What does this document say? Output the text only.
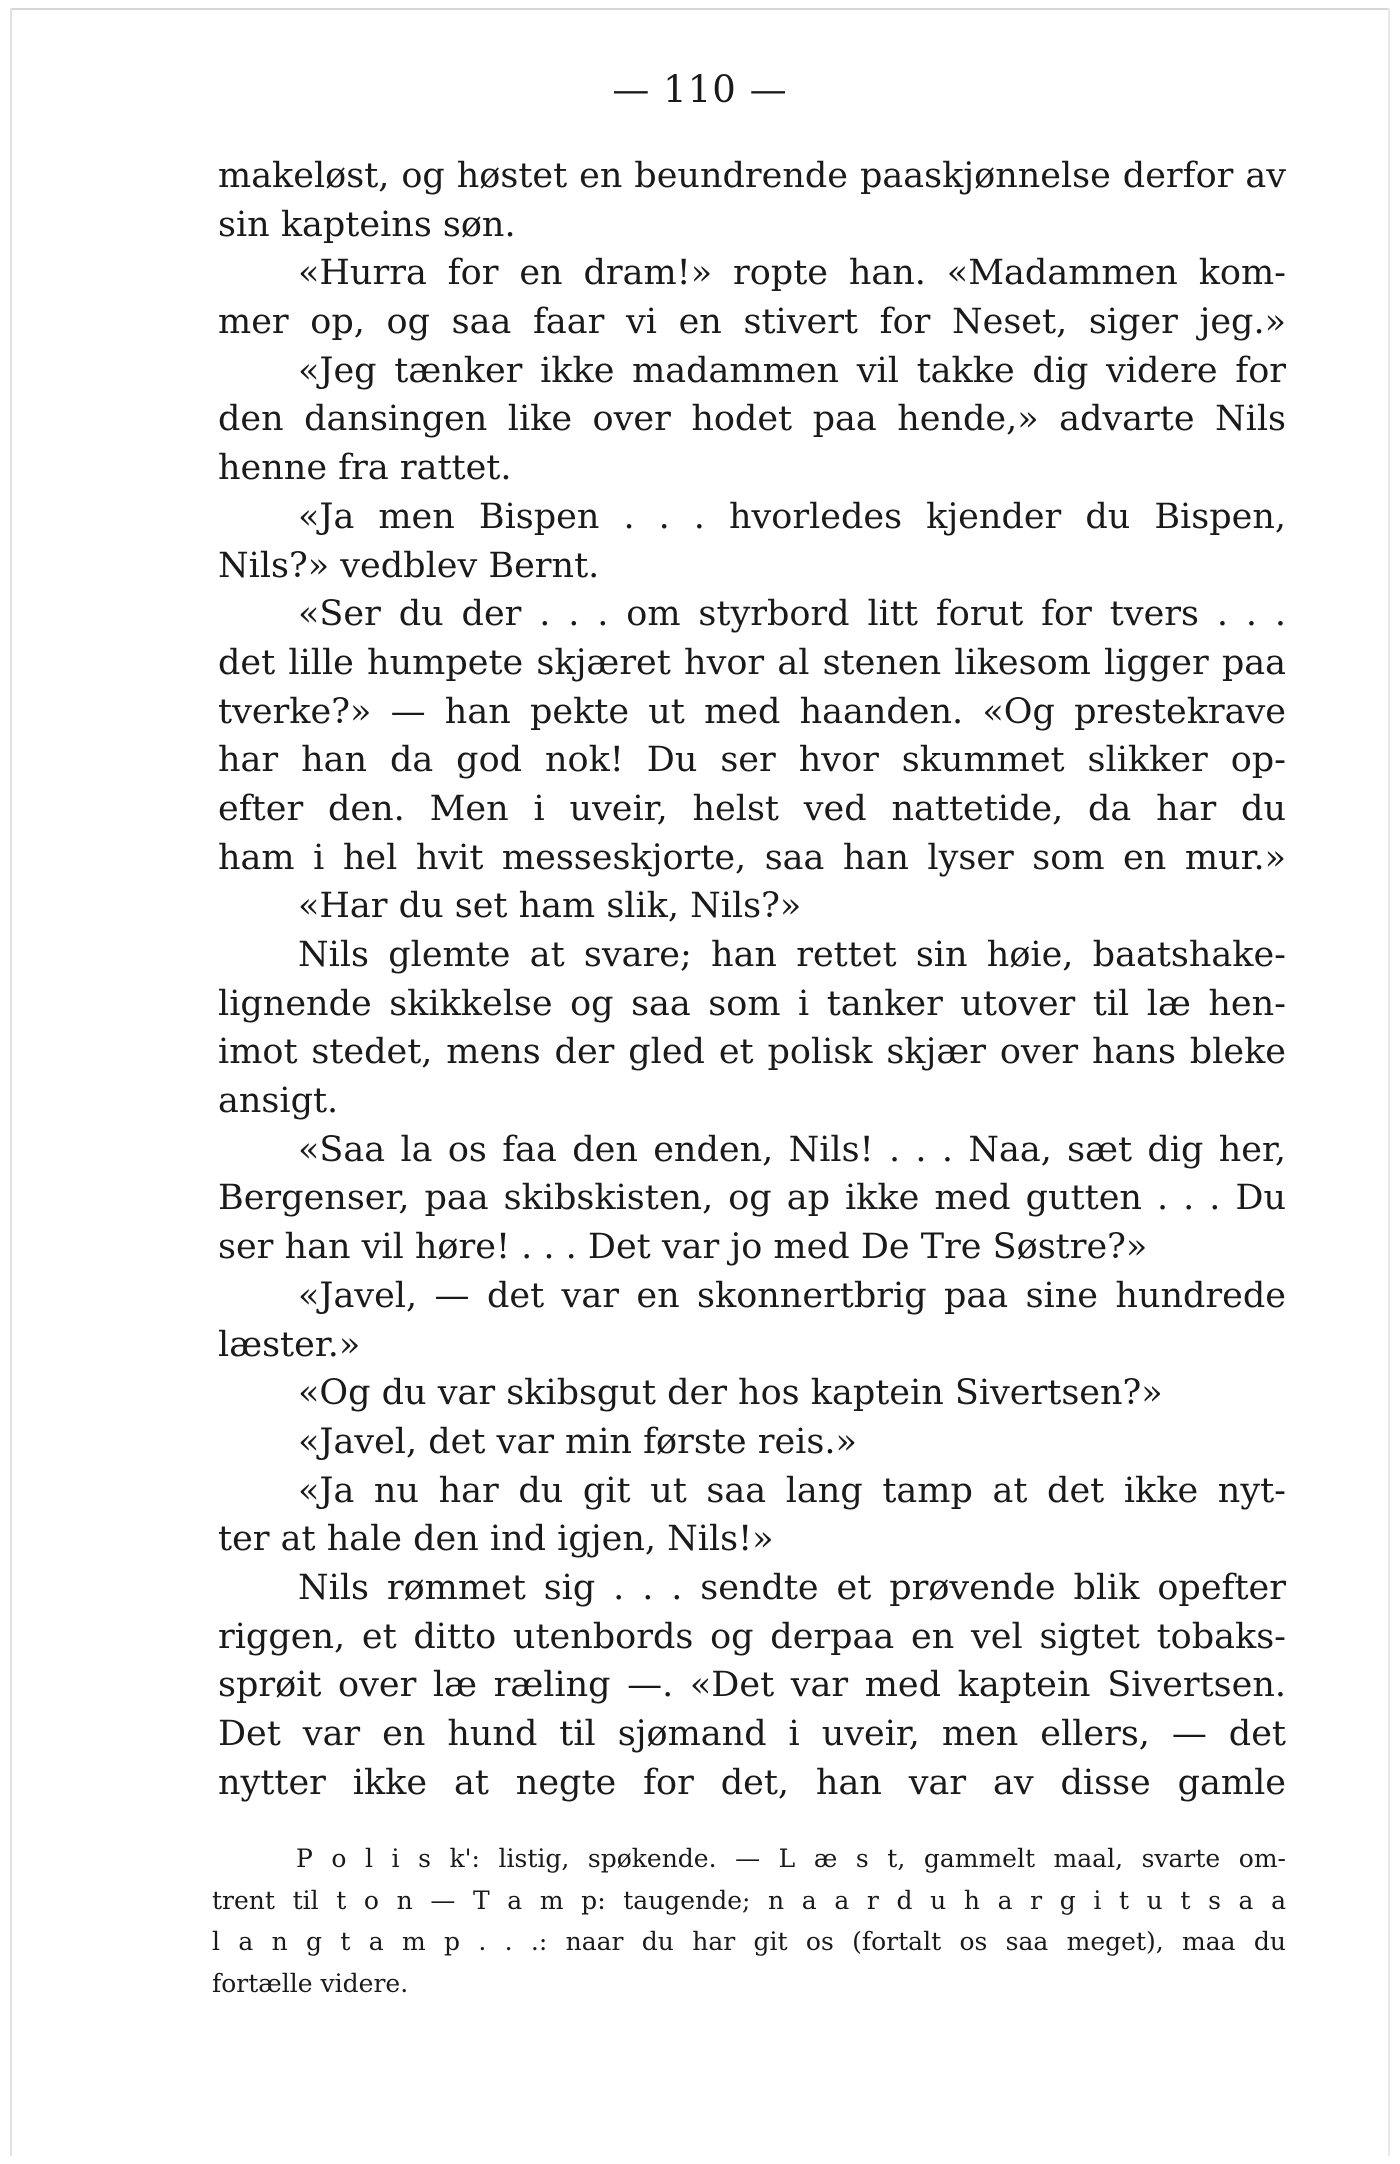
— 110 —
makeløst, og høstet en beundrende paaskjønnelse derfor av
sin kapteins søn.
«Hurra for en dram!» ropte han. «Madammen kom-
mer op, og saa faar vi en stivert for Neset, siger jeg.»
«Jeg tænker ikke madammen vil takke dig videre for
den dansingen like over hodet paa hende,» advarte Nils
henne fra rattet.
«Ja men Bispen . . . hvorledes kjender du Bispen,
Nils?» vedblev Bernt.
«Ser du der . . . om styrbord litt forut for tvers . . .
det lille humpete skjæret hvor al stenen likesom ligger paa
tverke?» — han pekte ut med haanden. «Og prestekrave
har han da god nok! Du ser hvor skummet slikker op-
efter den. Men i uveir, helst ved nattetide, da har du
ham i hel hvit messeskjorte, saa han lyser som en mur.»
«Har du set ham slik, Nils?»
Nils glemte at svare; han rettet sin høie, baatshake-
lignende skikkelse og saa som i tanker utover til læ hen-
imot stedet, mens der gled et polisk skjær over hans bleke
ansigt.
«Saa la os faa den enden, Nils! . . . Naa, sæt dig her,
Bergenser, paa skibskisten, og ap ikke med gutten . . . Du
ser han vil høre! . . . Det var jo med De Tre Søstre?»
«Javel, — det var en skonnertbrig paa sine hundrede
læster.»
«Og du var skibsgut der hos kaptein Sivertsen?»
«Javel, det var min første reis.»
«Ja nu har du git ut saa lang tamp at det ikke nyt-
ter at hale den ind igjen, Nils!»
Nils rømmet sig . . . sendte et prøvende blik opefter
riggen, et ditto utenbords og derpaa en vel sigtet tobaks-
sprøit over læ ræling —. «Det var med kaptein Sivertsen.
Det var en hund til sjømand i uveir, men ellers, — det
nytter ikke at negte for det, han var av disse gamle
P o l i s k': listig, spøkende. — L æ s t, gammelt maal, svarte om-
trent til t o n — T a m p: taugende; n a a r d u h a r g i t u t s a a
l a n g t a m p . . .: naar du har git os (fortalt os saa meget), maa du
fortælle videre.
